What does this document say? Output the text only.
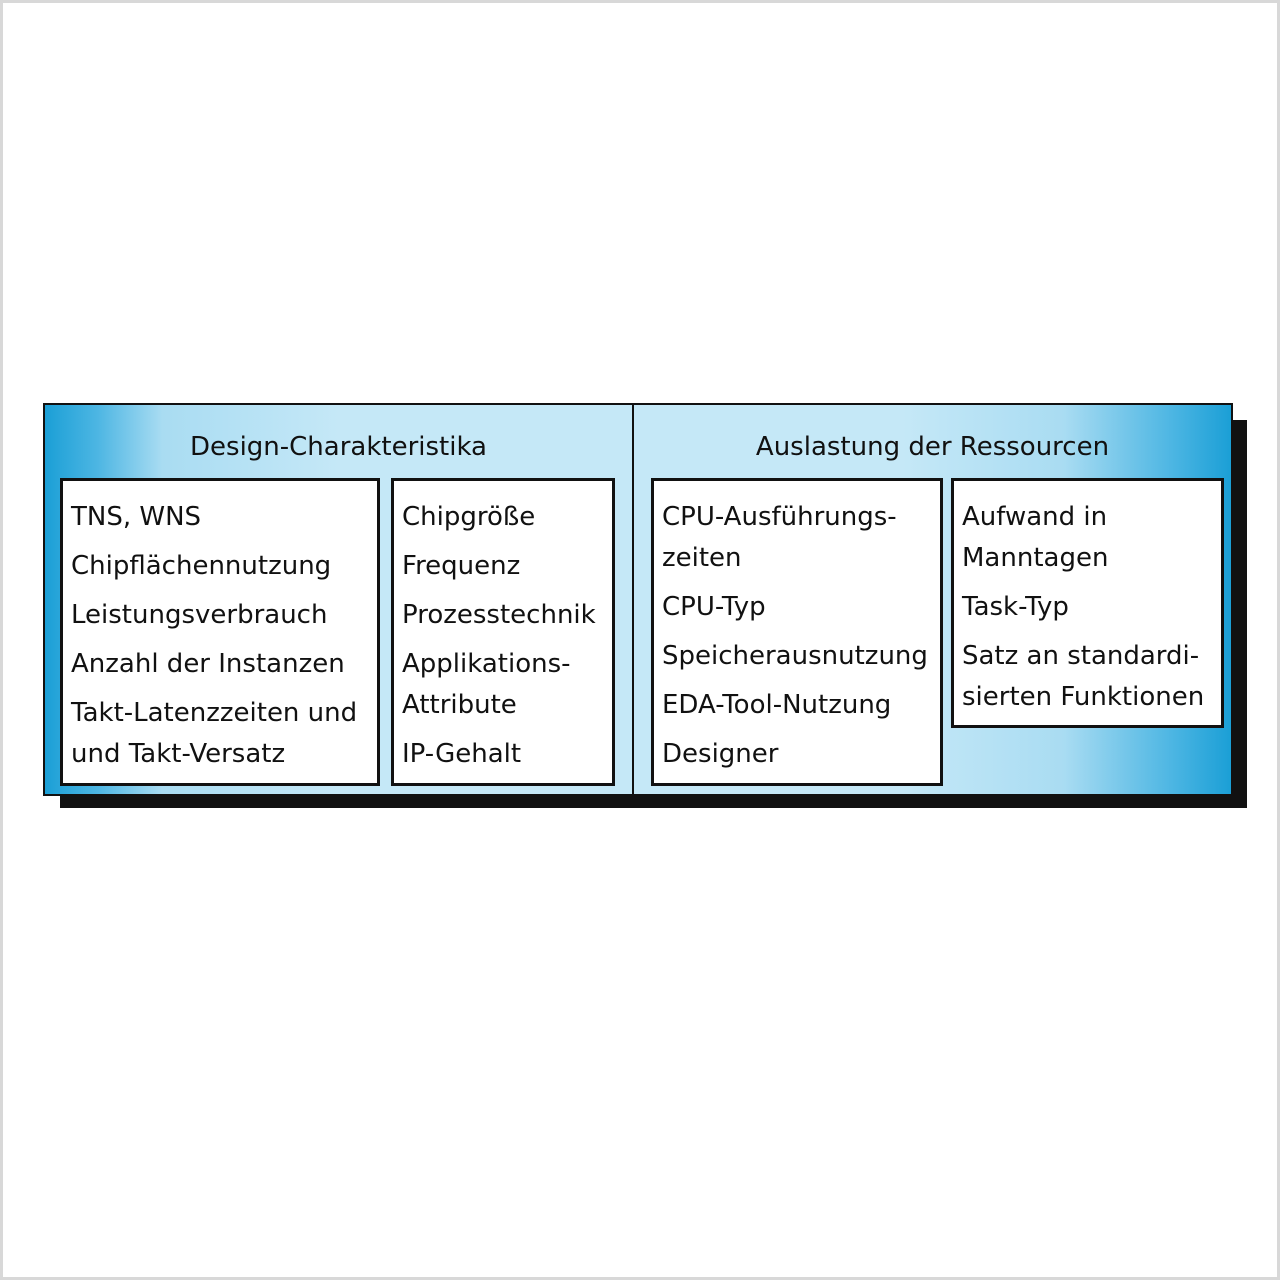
Design-Charakteristika
TNS, WNS
Chipflächennutzung
Leistungsverbrauch
Anzahl der Instanzen
Takt-Latenzzeiten und
und Takt-Versatz
Chipgröße
Frequenz
Prozesstechnik
Applikations-
Attribute
IP-Gehalt
Auslastung der Ressourcen
CPU-Ausführungs-
zeiten
CPU-Typ
Speicherausnutzung
EDA-Tool-Nutzung
Designer
Aufwand in
Manntagen
Task-Typ
Satz an standardi-
sierten Funktionen
